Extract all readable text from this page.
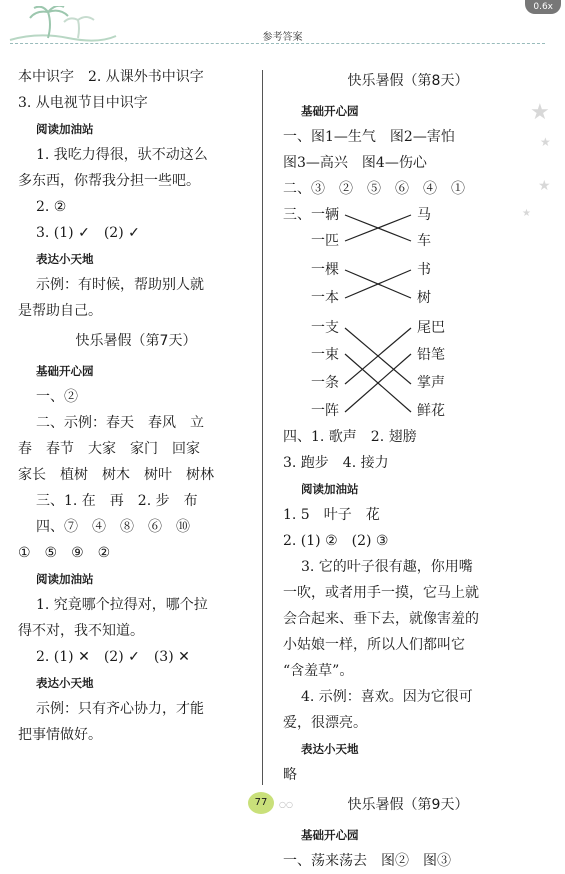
0.6x
参考答案
★
★
★
★
本中识字　2. 从课外书中识字
3. 从电视节目中识字
阅读加油站
1. 我吃力得很，驮不动这么
多东西，你帮我分担一些吧。
2. ②
3. (1) ✓　(2) ✓
表达小天地
示例：有时候，帮助别人就
是帮助自己。
快乐暑假（第7天）
基础开心园
一、②
二、示例：春天　春风　立
春　春节　大家　家门　回家
家长　植树　树木　树叶　树林
三、1. 在　再　2. 步　布
四、⑦　④　⑧　⑥　⑩
①　⑤　⑨　②
阅读加油站
1. 究竟哪个拉得对，哪个拉
得不对，我不知道。
2. (1) ✕　(2) ✓　(3) ✕
表达小天地
示例：只有齐心协力，才能
把事情做好。
快乐暑假（第8天）
基础开心园
一、图1—生气　图2—害怕
图3—高兴　图4—伤心
二、③　②　⑤　⑥　④　①
三、 一辆
一匹
马
车
一棵
一本
书
树
一支
一束
一条
一阵
尾巴
铅笔
掌声
鲜花
四、1. 歌声　2. 翅膀
3. 跑步　4. 接力
阅读加油站
1. 5　叶子　花
2. (1) ②　(2) ③
3. 它的叶子很有趣，你用嘴
一吹，或者用手一摸，它马上就
会合起来、垂下去，就像害羞的
小姑娘一样，所以人们都叫它
“含羞草”。
4. 示例：喜欢。因为它很可
爱，很漂亮。
表达小天地
略
快乐暑假（第9天）
基础开心园
一、荡来荡去　图②　图③
77	○○
